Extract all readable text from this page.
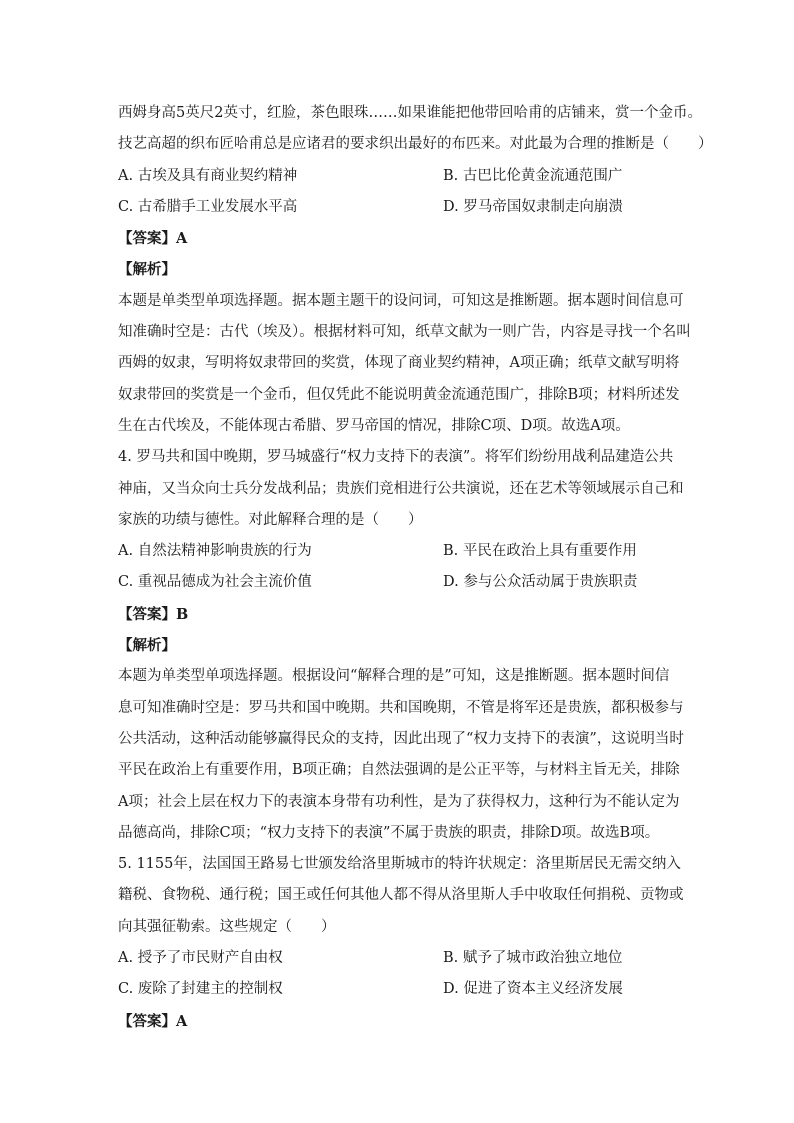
西姆身高5英尺2英寸，红脸，茶色眼珠……如果谁能把他带回哈甫的店铺来，赏一个金币。
技艺高超的织布匠哈甫总是应诸君的要求织出最好的布匹来。对此最为合理的推断是（　　）
A. 古埃及具有商业契约精神	B. 古巴比伦黄金流通范围广
C. 古希腊手工业发展水平高	D. 罗马帝国奴隶制走向崩溃
【答案】A
【解析】
本题是单类型单项选择题。据本题主题干的设问词，可知这是推断题。据本题时间信息可
知准确时空是：古代（埃及）。根据材料可知，纸草文献为一则广告，内容是寻找一个名叫
西姆的奴隶，写明将奴隶带回的奖赏，体现了商业契约精神，A项正确；纸草文献写明将
奴隶带回的奖赏是一个金币，但仅凭此不能说明黄金流通范围广，排除B项；材料所述发
生在古代埃及，不能体现古希腊、罗马帝国的情况，排除C项、D项。故选A项。
4. 罗马共和国中晚期，罗马城盛行“权力支持下的表演”。将军们纷纷用战利品建造公共
神庙，又当众向士兵分发战利品；贵族们竞相进行公共演说，还在艺术等领域展示自己和
家族的功绩与德性。对此解释合理的是（　　）
A. 自然法精神影响贵族的行为	B. 平民在政治上具有重要作用
C. 重视品德成为社会主流价值	D. 参与公众活动属于贵族职责
【答案】B
【解析】
本题为单类型单项选择题。根据设问“解释合理的是”可知，这是推断题。据本题时间信
息可知准确时空是：罗马共和国中晚期。共和国晚期，不管是将军还是贵族，都积极参与
公共活动，这种活动能够赢得民众的支持，因此出现了“权力支持下的表演”，这说明当时
平民在政治上有重要作用，B项正确；自然法强调的是公正平等，与材料主旨无关，排除
A项；社会上层在权力下的表演本身带有功利性，是为了获得权力，这种行为不能认定为
品德高尚，排除C项；“权力支持下的表演”不属于贵族的职责，排除D项。故选B项。
5. 1155年，法国国王路易七世颁发给洛里斯城市的特许状规定：洛里斯居民无需交纳入
籍税、食物税、通行税；国王或任何其他人都不得从洛里斯人手中收取任何捐税、贡物或
向其强征勒索。这些规定（　　）
A. 授予了市民财产自由权	B. 赋予了城市政治独立地位
C. 废除了封建主的控制权	D. 促进了资本主义经济发展
【答案】A
